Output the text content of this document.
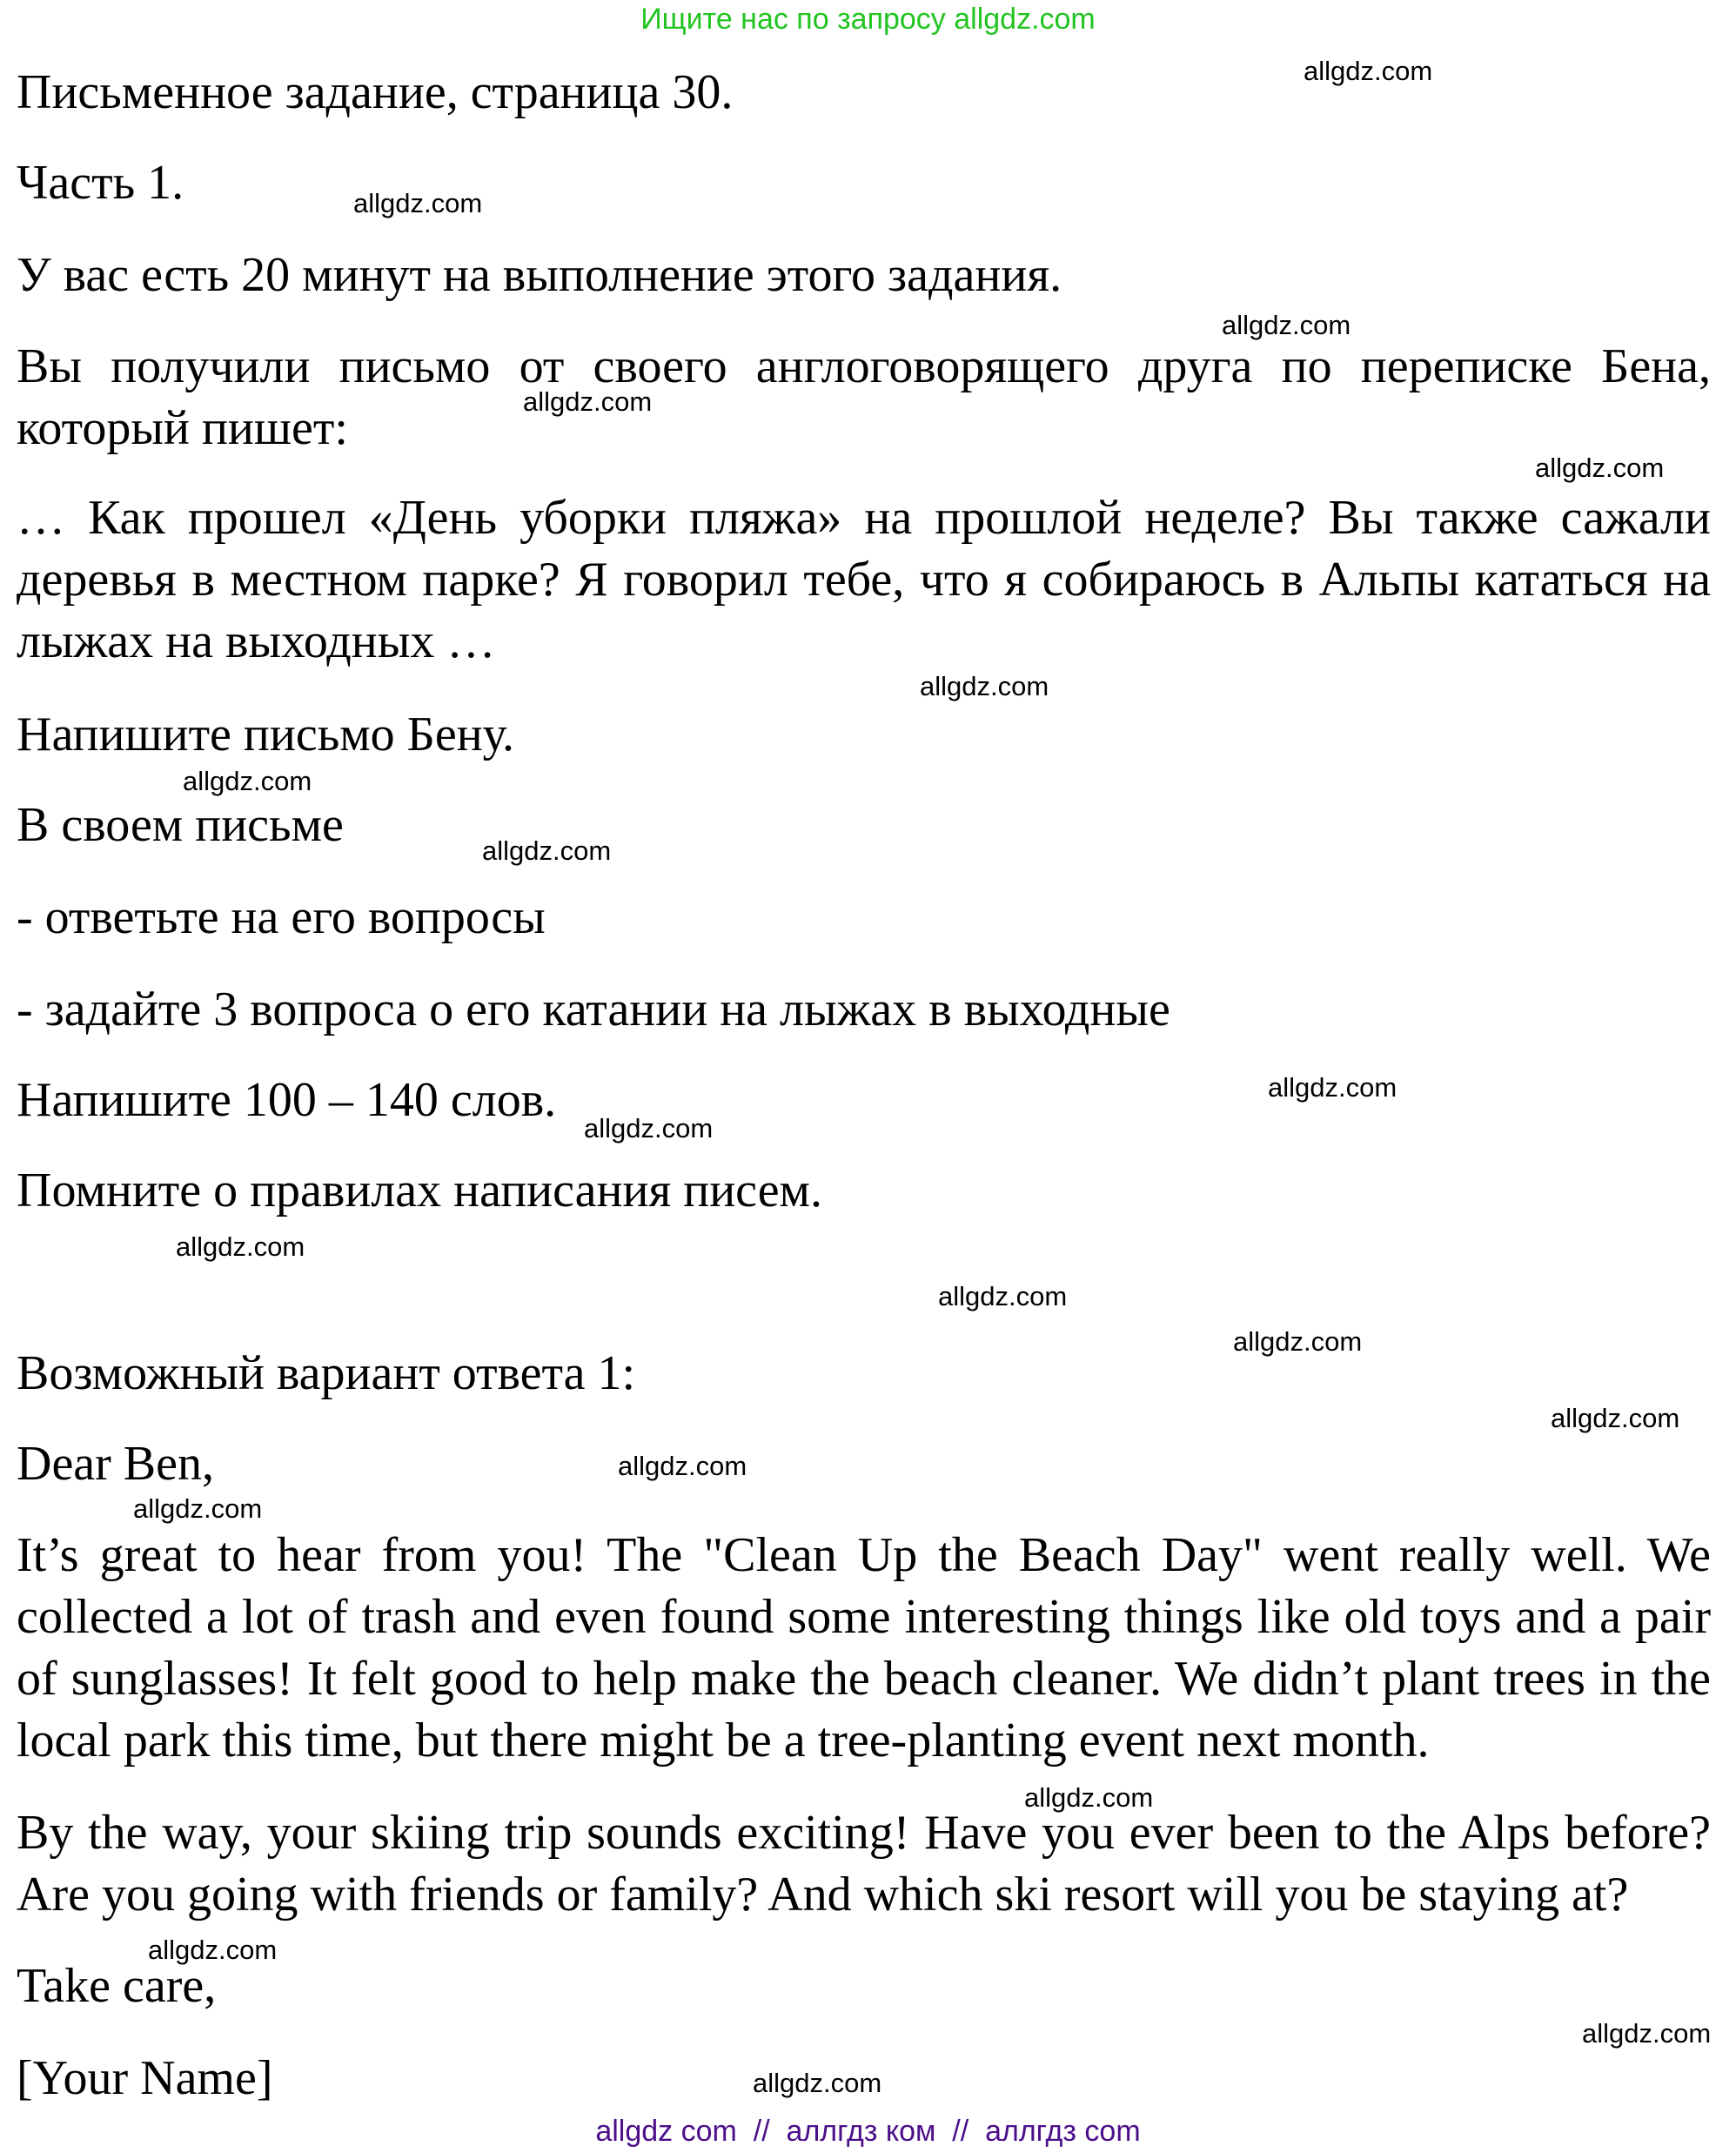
Ищите нас по запросу allgdz.com
Письменное задание, страница 30.
Часть 1.
У вас есть 20 минут на выполнение этого задания.
Вы получили письмо от своего англоговорящего друга по переписке Бена, который пишет:
… Как прошел «День уборки пляжа» на прошлой неделе? Вы также сажали деревья в местном парке? Я говорил тебе, что я собираюсь в Альпы кататься на лыжах на выходных …
Напишите письмо Бену.
В своем письме
- ответьте на его вопросы
- задайте 3 вопроса о его катании на лыжах в выходные
Напишите 100 – 140 слов.
Помните о правилах написания писем.
Возможный вариант ответа 1:
Dear Ben,
It’s great to hear from you! The "Clean Up the Beach Day" went really well. We collected a lot of trash and even found some interesting things like old toys and a pair of sunglasses! It felt good to help make the beach cleaner. We didn’t plant trees in the local park this time, but there might be a tree-planting event next month.
By the way, your skiing trip sounds exciting! Have you ever been to the Alps before? Are you going with friends or family? And which ski resort will you be staying at?
Take care,
[Your Name]
allgdz.com
allgdz.com
allgdz.com
allgdz.com
allgdz.com
allgdz.com
allgdz.com
allgdz.com
allgdz.com
allgdz.com
allgdz.com
allgdz.com
allgdz.com
allgdz.com
allgdz.com
allgdz.com
allgdz.com
allgdz.com
allgdz.com
allgdz.com
allgdz com  //  аллгдз ком  //  аллгдз com
